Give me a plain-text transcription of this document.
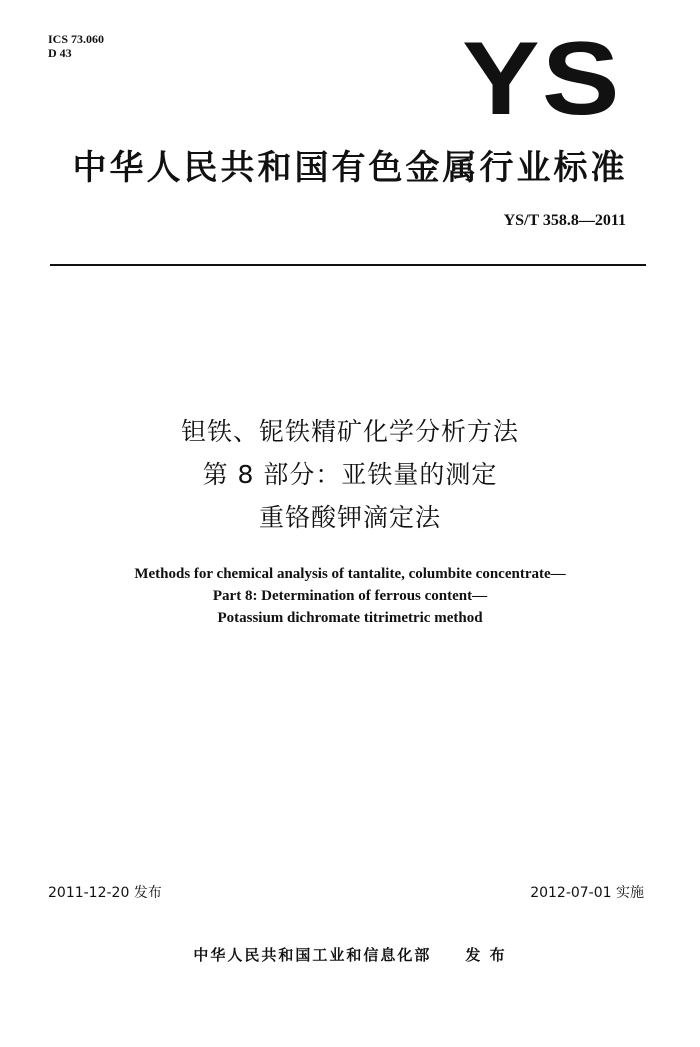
ICS 73.060
D 43	YS
中华人民共和国有色金属行业标准
YS/T 358.8—2011
钽铁、铌铁精矿化学分析方法
第 8 部分：亚铁量的测定
重铬酸钾滴定法
Methods for chemical analysis of tantalite, columbite concentrate—
Part 8: Determination of ferrous content—
Potassium dichromate titrimetric method
2011-12-20 发布	2012-07-01 实施
中华人民共和国工业和信息化部 发 布
